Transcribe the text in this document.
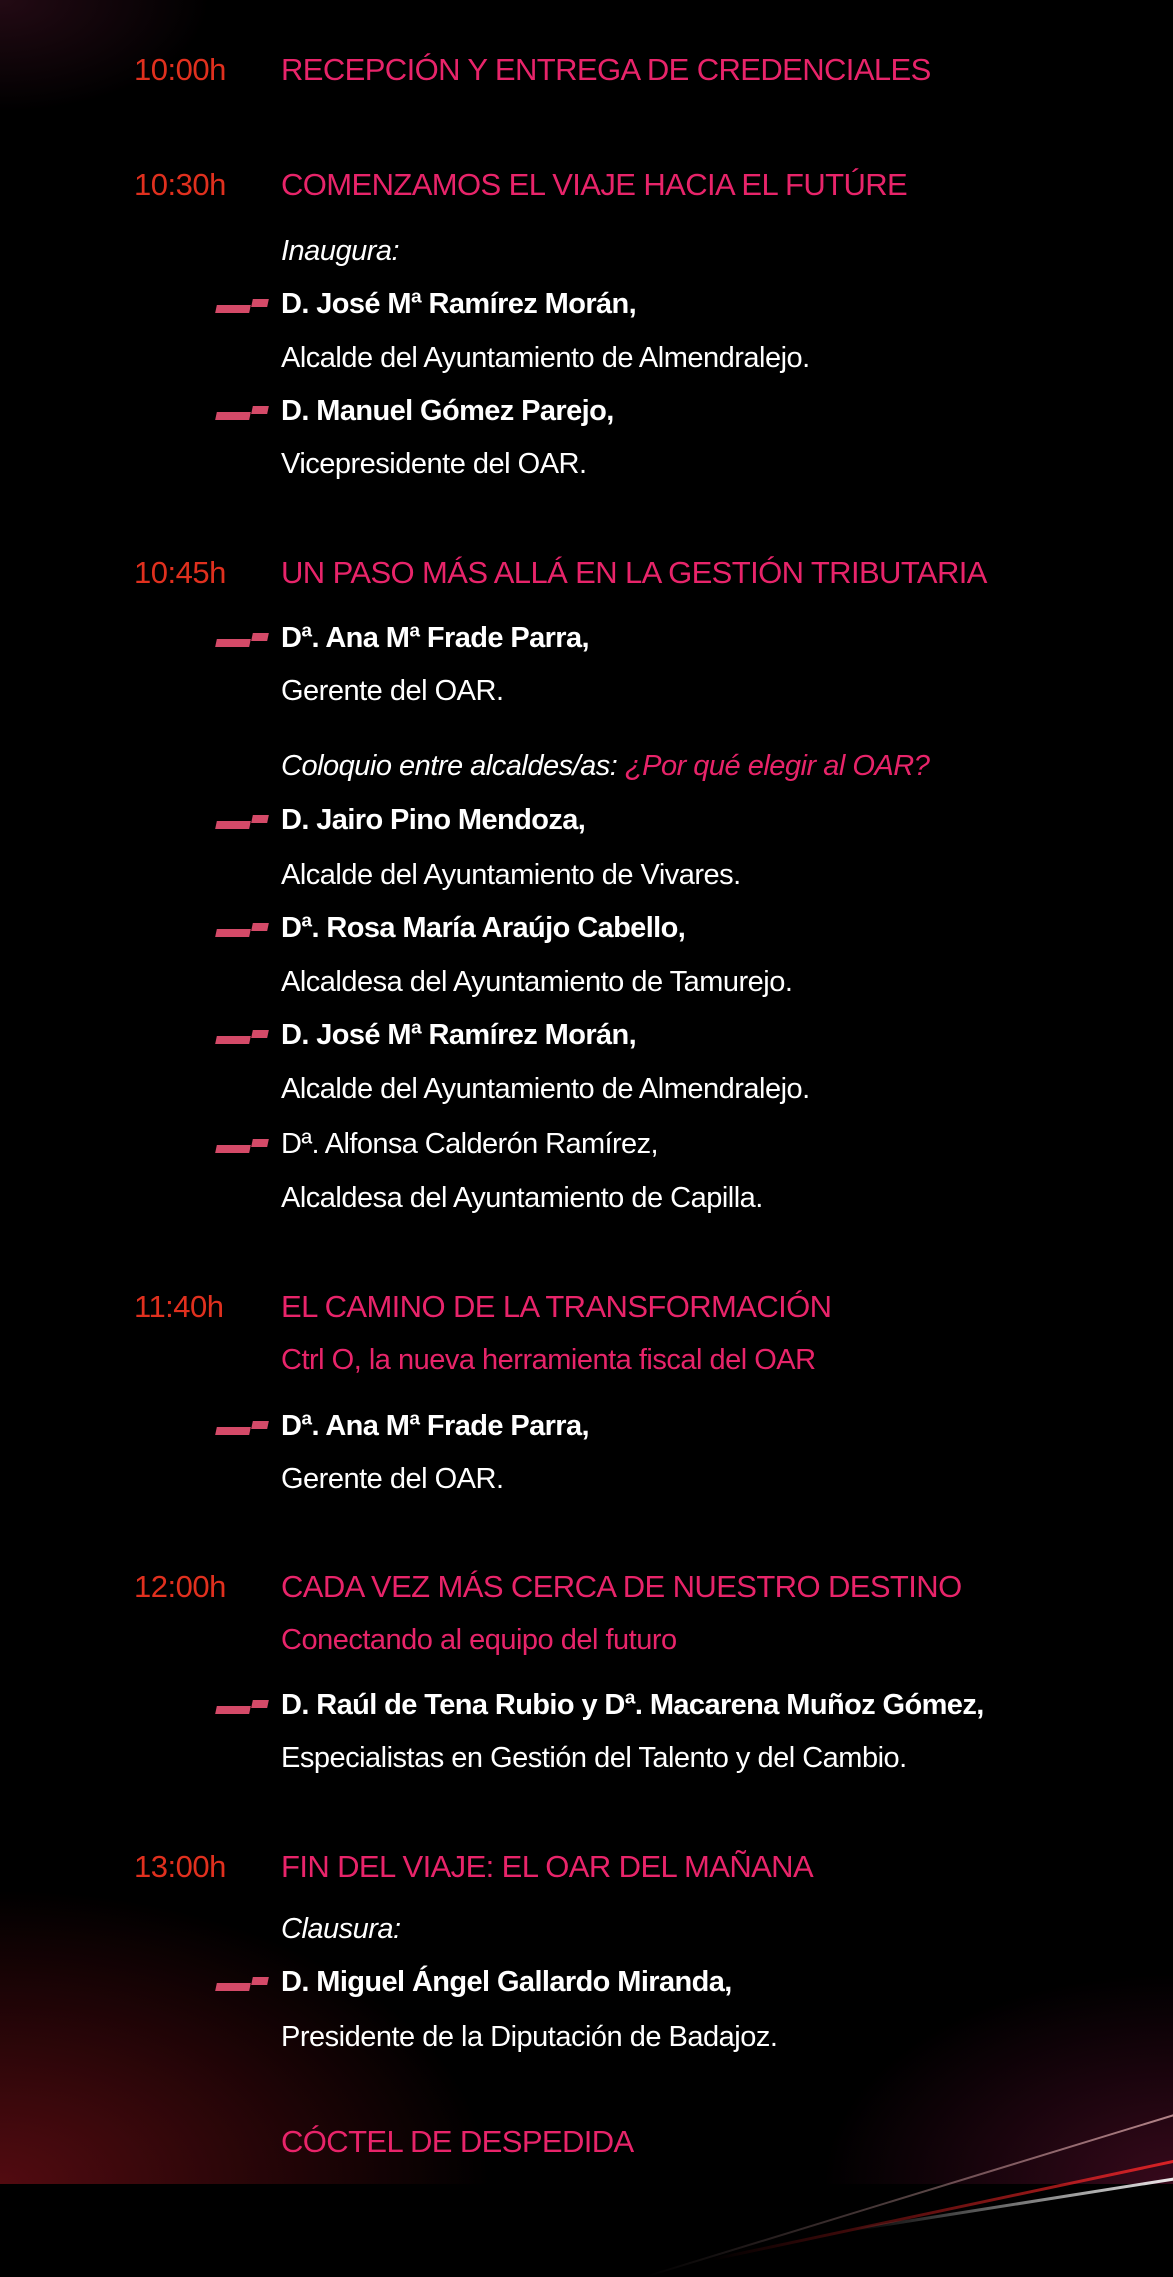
10:00h RECEPCIÓN Y ENTREGA DE CREDENCIALES
10:30h COMENZAMOS EL VIAJE HACIA EL FUTÚRE
Inaugura:
D. José Mª Ramírez Morán,
Alcalde del Ayuntamiento de Almendralejo.
D. Manuel Gómez Parejo,
Vicepresidente del OAR.
10:45h UN PASO MÁS ALLÁ EN LA GESTIÓN TRIBUTARIA
Dª. Ana Mª Frade Parra,
Gerente del OAR.
Coloquio entre alcaldes/as: ¿Por qué elegir al OAR?
D. Jairo Pino Mendoza,
Alcalde del Ayuntamiento de Vivares.
Dª. Rosa María Araújo Cabello,
Alcaldesa del Ayuntamiento de Tamurejo.
D. José Mª Ramírez Morán,
Alcalde del Ayuntamiento de Almendralejo.
Dª. Alfonsa Calderón Ramírez,
Alcaldesa del Ayuntamiento de Capilla.
11:40h EL CAMINO DE LA TRANSFORMACIÓN
Ctrl O, la nueva herramienta fiscal del OAR
Dª. Ana Mª Frade Parra,
Gerente del OAR.
12:00h CADA VEZ MÁS CERCA DE NUESTRO DESTINO
Conectando al equipo del futuro
D. Raúl de Tena Rubio y Dª. Macarena Muñoz Gómez,
Especialistas en Gestión del Talento y del Cambio.
13:00h FIN DEL VIAJE: EL OAR DEL MAÑANA
Clausura:
D. Miguel Ángel Gallardo Miranda,
Presidente de la Diputación de Badajoz.
CÓCTEL DE DESPEDIDA
